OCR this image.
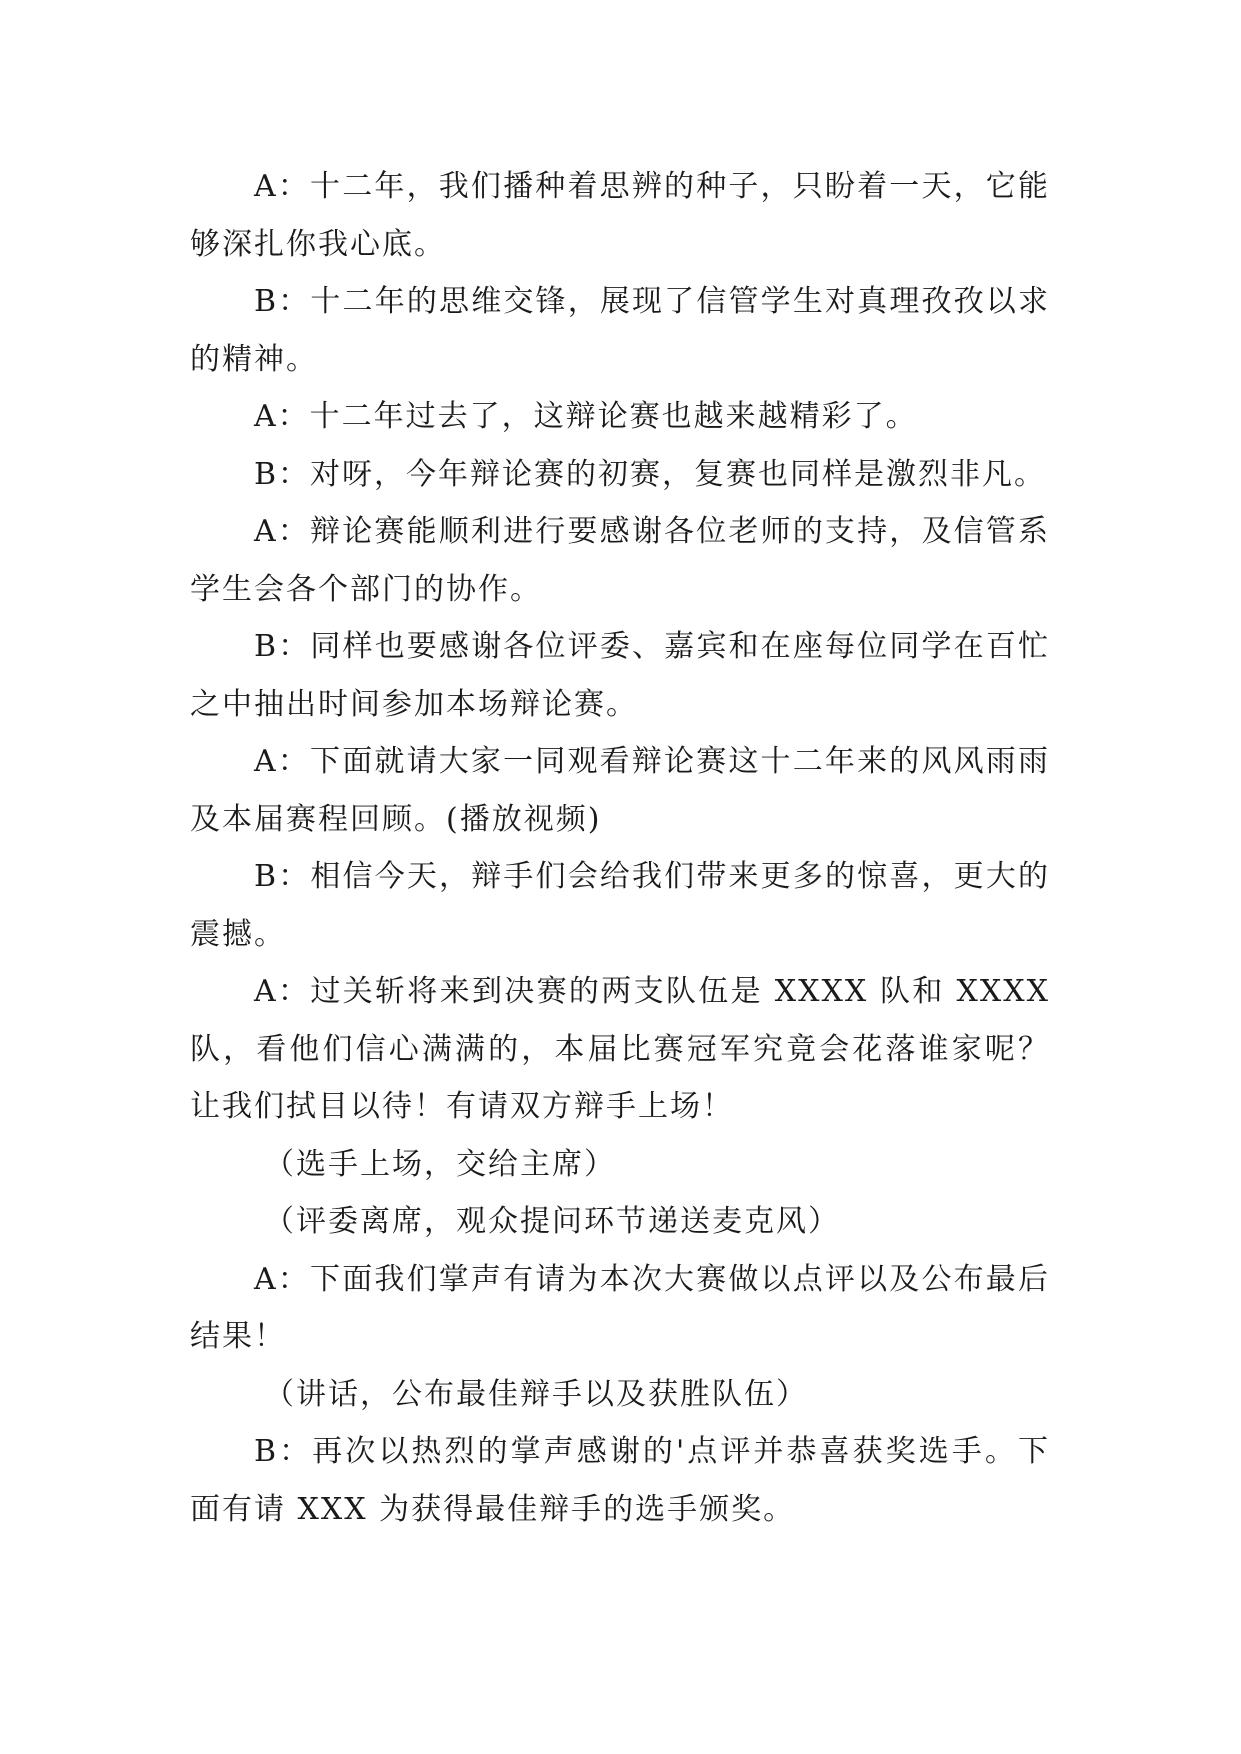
A：十二年，我们播种着思辨的种子，只盼着一天，它能够深扎你我心底。

B：十二年的思维交锋，展现了信管学生对真理孜孜以求的精神。

A：十二年过去了，这辩论赛也越来越精彩了。

B：对呀，今年辩论赛的初赛，复赛也同样是激烈非凡。

A：辩论赛能顺利进行要感谢各位老师的支持，及信管系学生会各个部门的协作。

B：同样也要感谢各位评委、嘉宾和在座每位同学在百忙之中抽出时间参加本场辩论赛。

A：下面就请大家一同观看辩论赛这十二年来的风风雨雨及本届赛程回顾。(播放视频)

B：相信今天，辩手们会给我们带来更多的惊喜，更大的震撼。

A：过关斩将来到决赛的两支队伍是 XXXX 队和 XXXX 队，看他们信心满满的，本届比赛冠军究竟会花落谁家呢？让我们拭目以待！有请双方辩手上场！

（选手上场，交给主席）

（评委离席，观众提问环节递送麦克风）

A：下面我们掌声有请为本次大赛做以点评以及公布最后结果！

（讲话，公布最佳辩手以及获胜队伍）

B：再次以热烈的掌声感谢的'点评并恭喜获奖选手。下面有请 XXX 为获得最佳辩手的选手颁奖。
